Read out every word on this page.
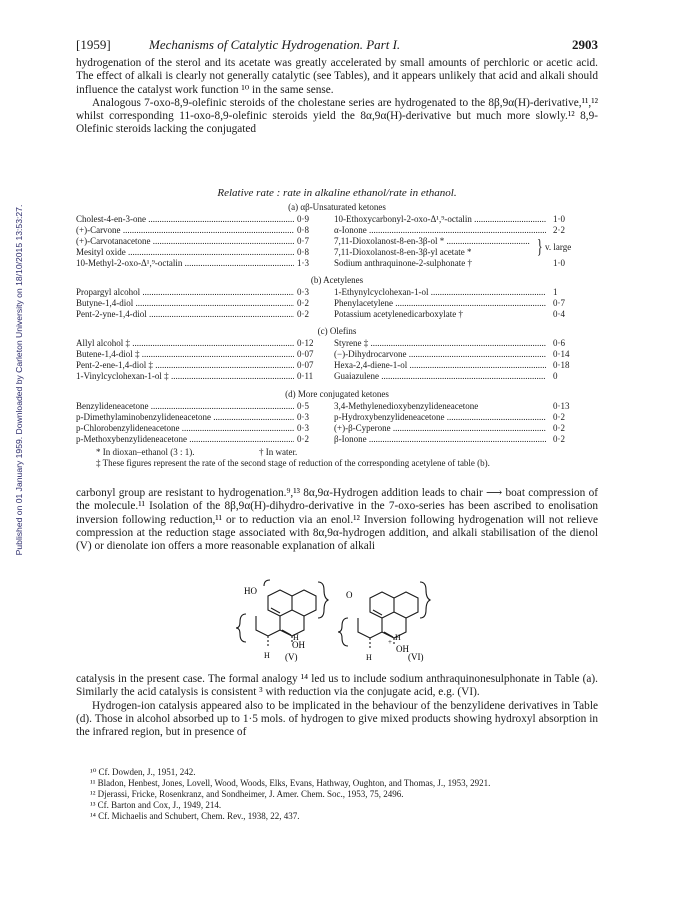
Published on 01 January 1959. Downloaded by Carleton University on 18/10/2015 13:53:27.
[1959]	Mechanisms of Catalytic Hydrogenation. Part I.	2903

hydrogenation of the sterol and its acetate was greatly accelerated by small amounts of perchloric or acetic acid. The effect of alkali is clearly not generally catalytic (see Tables), and it appears unlikely that acid and alkali should influence the catalyst work function ¹⁰ in the same sense.

Analogous 7-oxo-8,9-olefinic steroids of the cholestane series are hydrogenated to the 8β,9α(H)-derivative,¹¹,¹² whilst corresponding 11-oxo-8,9-olefinic steroids yield the 8α,9α(H)-derivative but much more slowly.¹² 8,9-Olefinic steroids lacking the conjugated

Relative rate : rate in alkaline ethanol/rate in ethanol.
(a) αβ-Unsaturated ketones
Cholest-4-en-3-one .....	0·9	10-Ethoxycarbonyl-2-oxo-Δ¹,⁹-octalin .....	1·0
(+)-Carvone .....	0·8	α-Ionone .....	2·2
(+)-Carvotanacetone .....	0·7	7,11-Dioxolanost-8-en-3β-ol * .....
Mesityl oxide .....	0·8	7,11-Dioxolanost-8-en-3β-yl acetate *	} v. large
10-Methyl-2-oxo-Δ¹,⁹-octalin .....	1·3	Sodium anthraquinone-2-sulphonate †	1·0
(b) Acetylenes
Propargyl alcohol .....	0·3	1-Ethynylcyclohexan-1-ol .....	1
Butyne-1,4-diol .....	0·2	Phenylacetylene .....	0·7
Pent-2-yne-1,4-diol .....	0·2	Potassium acetylenedicarboxylate †	0·4
(c) Olefins
Allyl alcohol ‡ .....	0·12	Styrene ‡ .....	0·6
Butene-1,4-diol ‡ .....	0·07	(−)-Dihydrocarvone .....	0·14
Pent-2-ene-1,4-diol ‡ .....	0·07	Hexa-2,4-diene-1-ol .....	0·18
1-Vinylcyclohexan-1-ol ‡ .....	0·11	Guaiazulene .....	0
(d) More conjugated ketones
Benzylideneacetone .....	0·5	3,4-Methylenedioxybenzylideneacetone	0·13
p-Dimethylaminobenzylideneacetone .....	0·3	p-Hydroxybenzylideneacetone .....	0·2
p-Chlorobenzylideneacetone .....	0·3	(+)-β-Cyperone .....	0·2
p-Methoxybenzylideneacetone .....	0·2	β-Ionone .....	0·2
* In dioxan–ethanol (3 : 1).	† In water.
‡ These figures represent the rate of the second stage of reduction of the corresponding acetylene of table (b).

carbonyl group are resistant to hydrogenation.⁹,¹³ 8α,9α-Hydrogen addition leads to chair ⟶ boat compression of the molecule.¹¹ Isolation of the 8β,9α(H)-dihydro-derivative in the 7-oxo-series has been ascribed to enolisation inversion following reduction,¹¹ or to reduction via an enol.¹² Inversion following hydrogenation will not relieve compression at the reduction stage associated with 8α,9α-hydrogen addition, and alkali stabilisation of the dienol (V) or dienolate ion offers a more reasonable explanation of alkali

HO
OH
H
H (V)
O
H
OH
H
+
(VI)

catalysis in the present case. The formal analogy ¹⁴ led us to include sodium anthraquinonesulphonate in Table (a). Similarly the acid catalysis is consistent ³ with reduction via the conjugate acid, e.g. (VI).

Hydrogen-ion catalysis appeared also to be implicated in the behaviour of the benzylidene derivatives in Table (d). Those in alcohol absorbed up to 1·5 mols. of hydrogen to give mixed products showing hydroxyl absorption in the infrared region, but in presence of

¹⁰ Cf. Dowden, J., 1951, 242.
¹¹ Bladon, Henbest, Jones, Lovell, Wood, Woods, Elks, Evans, Hathway, Oughton, and Thomas, J., 1953, 2921.
¹² Djerassi, Fricke, Rosenkranz, and Sondheimer, J. Amer. Chem. Soc., 1953, 75, 2496.
¹³ Cf. Barton and Cox, J., 1949, 214.
¹⁴ Cf. Michaelis and Schubert, Chem. Rev., 1938, 22, 437.
